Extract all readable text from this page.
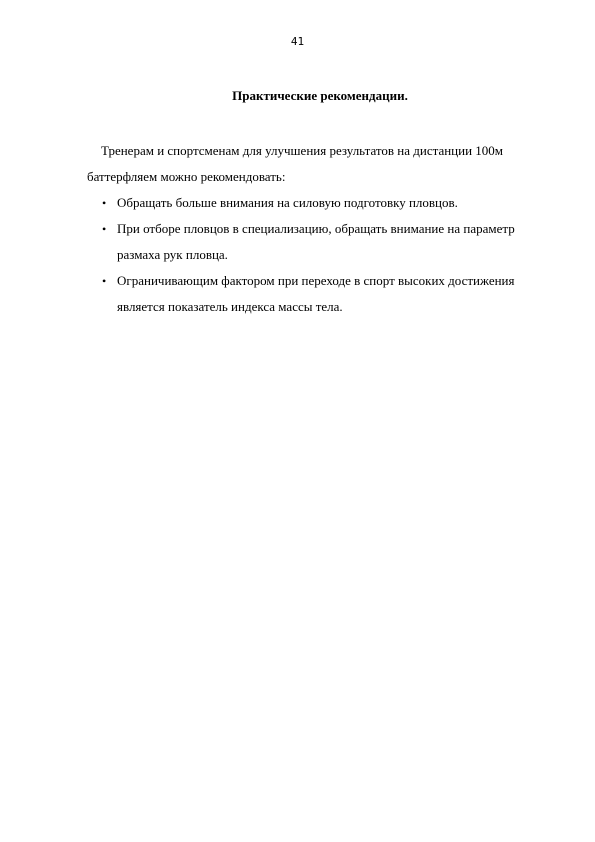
41
Практические рекомендации.

Тренерам и спортсменам для улучшения результатов на дистанции 100м
баттерфляем можно рекомендовать:

• Обращать больше внимания на силовую подготовку пловцов.
• При отборе пловцов в специализацию, обращать внимание на параметр размаха рук пловца.
• Ограничивающим фактором при переходе в спорт высоких достижения является показатель индекса массы тела.
